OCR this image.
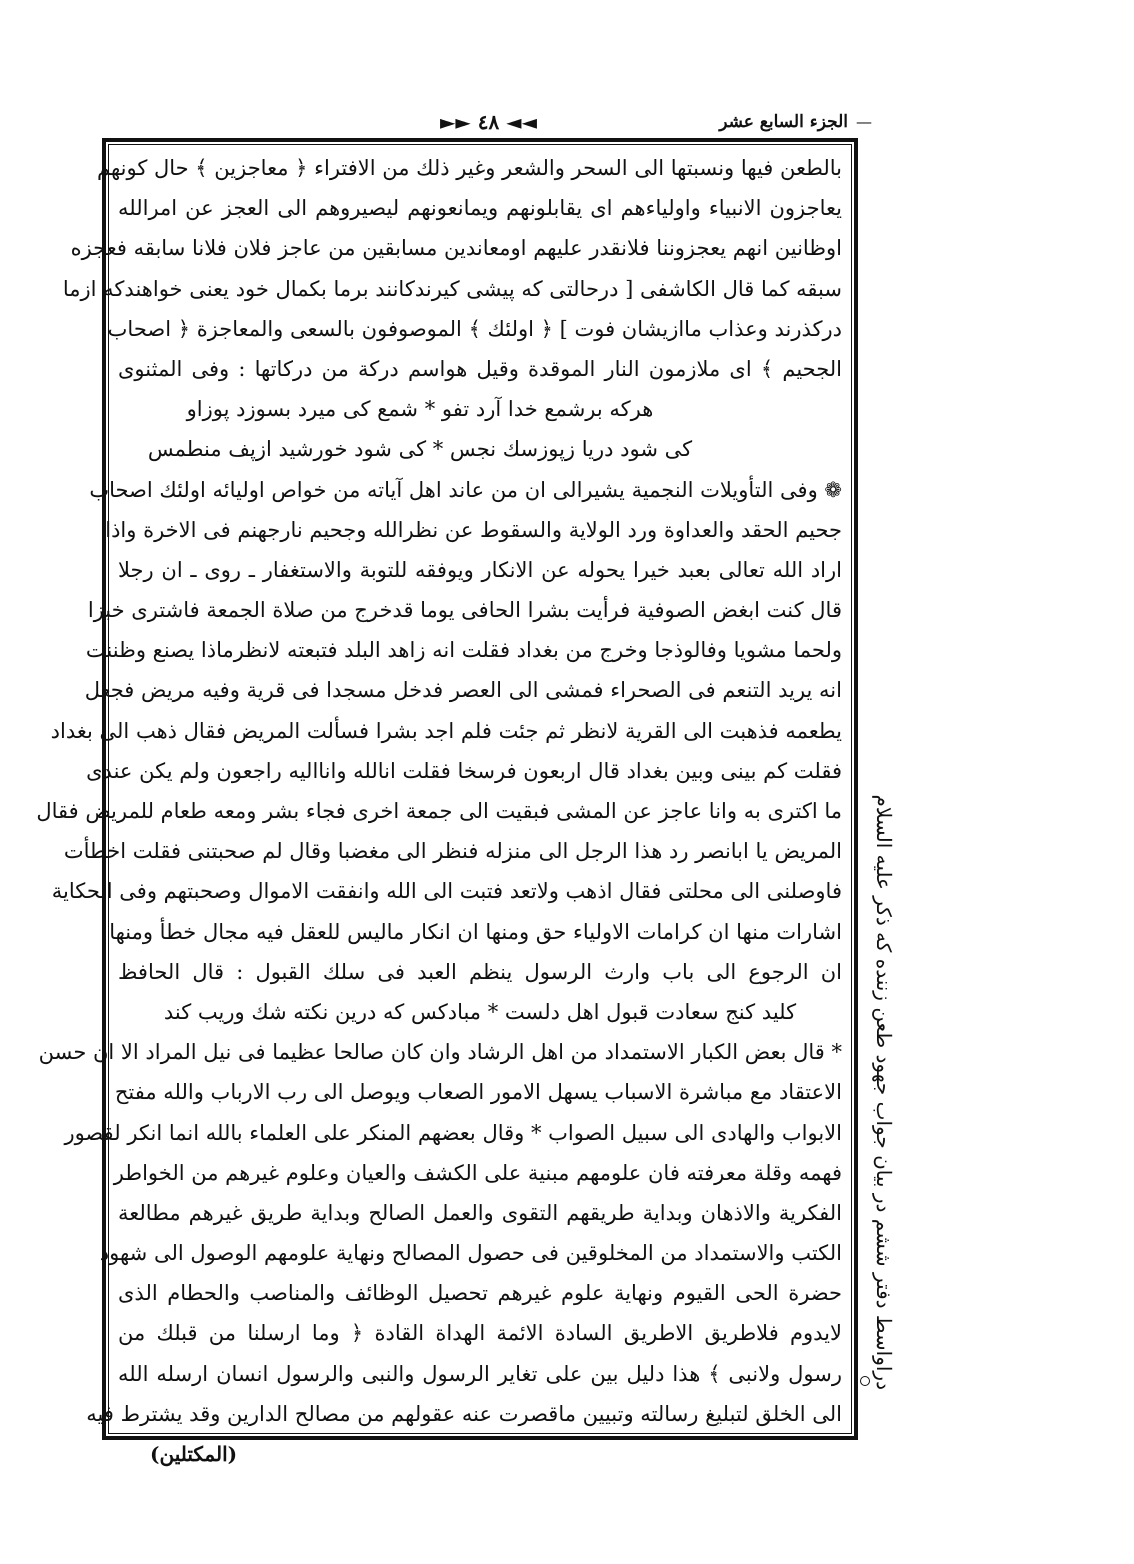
—
الجزء السابع عشر
◄◄ ٤٨ ►►
بالطعن فيها ونسبتها الى السحر والشعر وغير ذلك من الافتراء ﴿ معاجزين ﴾ حال كونهم
يعاجزون الانبياء واولياءهم اى يقابلونهم ويمانعونهم ليصيروهم الى العجز عن امرالله
اوظانين انهم يعجزوننا فلانقدر عليهم اومعاندين مسابقين من عاجز فلان فلانا سابقه فعجزه
سبقه كما قال الكاشفى [ درحالتى كه پيشى كيرندكانند برما بكمال خود يعنى خواهندكه ازما
دركذرند وعذاب ماازيشان فوت ] ﴿ اولئك ﴾ الموصوفون بالسعى والمعاجزة ﴿ اصحاب
الجحيم ﴾ اى ملازمون النار الموقدة وقيل هواسم دركة من دركاتها : وفى المثنوى
هركه برشمع خدا آرد تفو * شمع كى ميرد بسوزد پوزاو
كى شود دريا زپوزسك نجس * كى شود خورشيد ازپف منطمس
❁ وفى التأويلات النجمية يشيرالى ان من عاند اهل آياته من خواص اوليائه اولئك اصحاب
جحيم الحقد والعداوة ورد الولاية والسقوط عن نظرالله وجحيم نارجهنم فى الاخرة واذا
اراد الله تعالى بعبد خيرا يحوله عن الانكار ويوفقه للتوبة والاستغفار ـ روى ـ ان رجلا
قال كنت ابغض الصوفية فرأيت بشرا الحافى يوما قدخرج من صلاة الجمعة فاشترى خبزا
ولحما مشويا وفالوذجا وخرج من بغداد فقلت انه زاهد البلد فتبعته لانظرماذا يصنع وظننت
انه يريد التنعم فى الصحراء فمشى الى العصر فدخل مسجدا فى قرية وفيه مريض فجعل
يطعمه فذهبت الى القرية لانظر ثم جئت فلم اجد بشرا فسألت المريض فقال ذهب الى بغداد
فقلت كم بينى وبين بغداد قال اربعون فرسخا فقلت انالله وانااليه راجعون ولم يكن عندى
ما اكترى به وانا عاجز عن المشى فبقيت الى جمعة اخرى فجاء بشر ومعه طعام للمريض فقال
المريض يا ابانصر رد هذا الرجل الى منزله فنظر الى مغضبا وقال لم صحبتنى فقلت اخطأت
فاوصلنى الى محلتى فقال اذهب ولاتعد فتبت الى الله وانفقت الاموال وصحبتهم وفى الحكاية
اشارات منها ان كرامات الاولياء حق ومنها ان انكار ماليس للعقل فيه مجال خطأ ومنها
ان الرجوع الى باب وارث الرسول ينظم العبد فى سلك القبول : قال الحافظ
كليد كنج سعادت قبول اهل دلست * مبادكس كه درين نكته شك وريب كند
* قال بعض الكبار الاستمداد من اهل الرشاد وان كان صالحا عظيما فى نيل المراد الا ان حسن
الاعتقاد مع مباشرة الاسباب يسهل الامور الصعاب ويوصل الى رب الارباب والله مفتح
الابواب والهادى الى سبيل الصواب * وقال بعضهم المنكر على العلماء بالله انما انكر لقصور
فهمه وقلة معرفته فان علومهم مبنية على الكشف والعيان وعلوم غيرهم من الخواطر
الفكرية والاذهان وبداية طريقهم التقوى والعمل الصالح وبداية طريق غيرهم مطالعة
الكتب والاستمداد من المخلوقين فى حصول المصالح ونهاية علومهم الوصول الى شهود
حضرة الحى القيوم ونهاية علوم غيرهم تحصيل الوظائف والمناصب والحطام الذى
لايدوم فلاطريق الاطريق السادة الائمة الهداة القادة ﴿ وما ارسلنا من قبلك من
رسول ولانبى ﴾ هذا دليل بين على تغاير الرسول والنبى والرسول انسان ارسله الله
الى الخلق لتبليغ رسالته وتبيين ماقصرت عنه عقولهم من مصالح الدارين وقد يشترط فيه
دراواسط دفتر ششم در بيان جواب جهود طعن زننده كه ذكر عليه السلام
(المكتلين)
